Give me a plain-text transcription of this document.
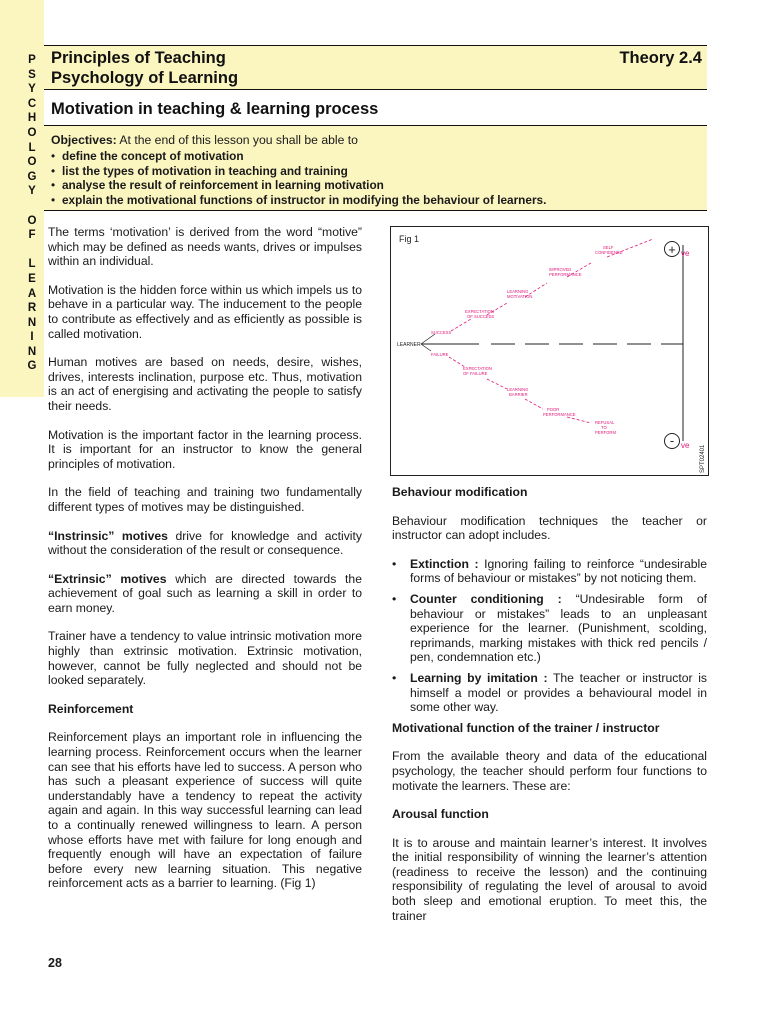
P
S
Y
C
H
O
L
O
G
Y
O
F
L
E
A
R
N
I
N
G
Principles of Teaching
Psychology of Learning
Theory 2.4
Motivation in teaching & learning process
Objectives: At the end of this lesson you shall be able to
• define the concept of motivation
• list the types of motivation in teaching and training
• analyse the result of reinforcement in learning motivation
• explain the motivational functions of instructor in modifying the behaviour of learners.

The terms ‘motivation’ is derived from the word “motive” which may be defined as needs wants, drives or impulses within an individual.

Motivation is the hidden force within us which impels us to behave in a particular way. The inducement to the people to contribute as effectively and as efficiently as possible is called motivation.

Human motives are based on needs, desire, wishes, drives, interests inclination, purpose etc. Thus, motivation is an act of energising and activating the people to satisfy their needs.

Motivation is the important factor in the learning process. It is important for an instructor to know the general principles of motivation.

In the field of teaching and training two fundamentally different types of motives may be distinguished.

“Instrinsic” motives drive for knowledge and activity without the consideration of the result or consequence.

“Extrinsic” motives which are directed towards the achievement of goal such as learning a skill in order to earn money.

Trainer have a tendency to value intrinsic motivation more highly than extrinsic motivation. Extrinsic motivation, however, cannot be fully neglected and should not be looked separately.

Reinforcement

Reinforcement plays an important role in influencing the learning process. Reinforcement occurs when the learner can see that his efforts have led to success. A person who has such a pleasant experience of success will quite understandably have a tendency to repeat the activity again and again. In this way successful learning can lead to a continually renewed willingness to learn. A person whose efforts have met with failure for long enough and frequently enough will have an expectation of failure before every new learning situation. This negative reinforcement acts as a barrier to learning. (Fig 1)

Fig 1
LEARNER
SUCCESS
EXPECTATION
OF SUCCESS
LEARNING
MOTIVATION
IMPROVED
PERFORMANCE
SELF
CONFIDENCE
FAILURE
EXPECTATION
OF FAILURE
LEARNING
BARRIER
POOR
PERFORMANCE
REFUSAL
TO
PERFORM
+ ve
- ve SPT02401
Behaviour modification

Behaviour modification techniques the teacher or instructor can adopt includes.

• Extinction : Ignoring failing to reinforce “undesirable forms of behaviour or mistakes” by not noticing them.
• Counter conditioning : “Undesirable form of behaviour or mistakes” leads to an unpleasant experience for the learner. (Punishment, scolding, reprimands, marking mistakes with thick red pencils / pen, condemnation etc.)
• Learning by imitation : The teacher or instructor is himself a model or provides a behavioural model in some other way.
Motivational function of the trainer / instructor

From the available theory and data of the educational psychology, the teacher should perform four functions to motivate the learners. These are:

Arousal function

It is to arouse and maintain learner’s interest. It involves the initial responsibility of winning the learner’s attention (readiness to receive the lesson) and the continuing responsibility of regulating the level of arousal to avoid both sleep and emotional eruption. To meet this, the trainer

28
